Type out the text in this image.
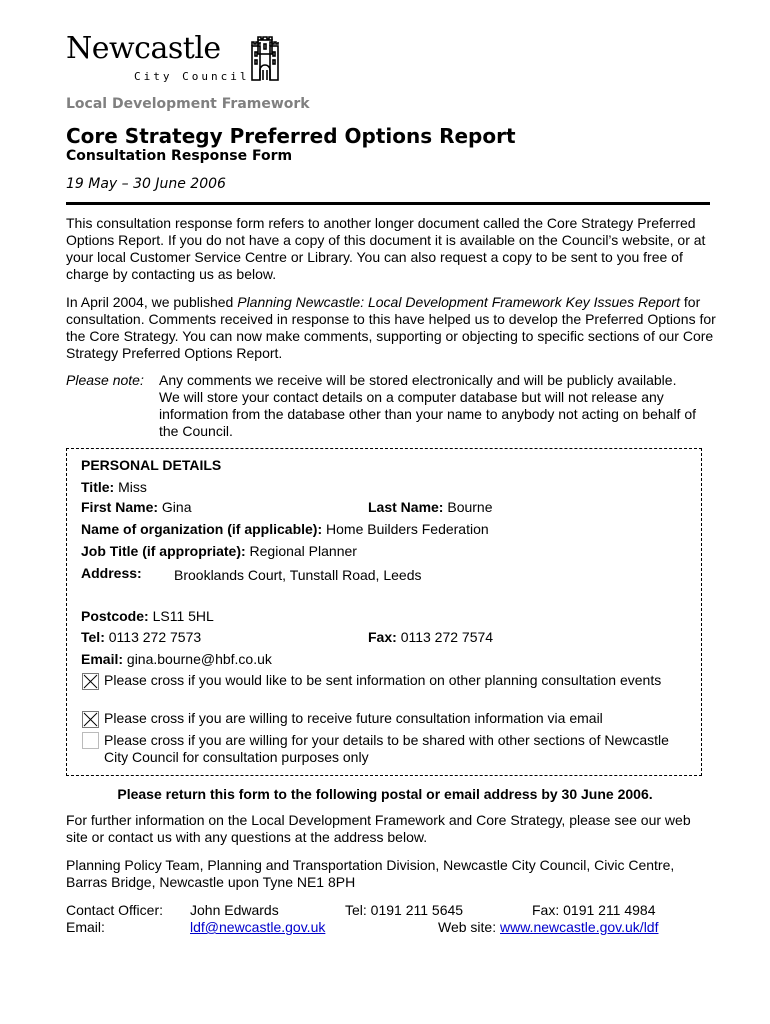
Newcastle
City Council
Local Development Framework
Core Strategy Preferred Options Report
Consultation Response Form
19 May – 30 June 2006
This consultation response form refers to another longer document called the Core Strategy Preferred Options Report. If you do not have a copy of this document it is available on the Council’s website, or at your local Customer Service Centre or Library. You can also request a copy to be sent to you free of charge by contacting us as below.
In April 2004, we published Planning Newcastle: Local Development Framework Key Issues Report for consultation. Comments received in response to this have helped us to develop the Preferred Options for the Core Strategy. You can now make comments, supporting or objecting to specific sections of our Core Strategy Preferred Options Report.
Please note: Any comments we receive will be stored electronically and will be publicly available. We will store your contact details on a computer database but will not release any information from the database other than your name to anybody not acting on behalf of the Council.
PERSONAL DETAILS
Title: Miss
First Name: Gina	Last Name: Bourne
Name of organization (if applicable): Home Builders Federation
Job Title (if appropriate): Regional Planner
Address: Brooklands Court, Tunstall Road, Leeds
Postcode: LS11 5HL
Tel: 0113 272 7573	Fax: 0113 272 7574
Email: gina.bourne@hbf.co.uk
Please cross if you would like to be sent information on other planning consultation events
Please cross if you are willing to receive future consultation information via email
Please cross if you are willing for your details to be shared with other sections of Newcastle City Council for consultation purposes only
Please return this form to the following postal or email address by 30 June 2006.
For further information on the Local Development Framework and Core Strategy, please see our web site or contact us with any questions at the address below.
Planning Policy Team, Planning and Transportation Division, Newcastle City Council, Civic Centre, Barras Bridge, Newcastle upon Tyne NE1 8PH
Contact Officer: John Edwards	Tel: 0191 211 5645	Fax: 0191 211 4984
Email:	ldf@newcastle.gov.uk	Web site: www.newcastle.gov.uk/ldf
